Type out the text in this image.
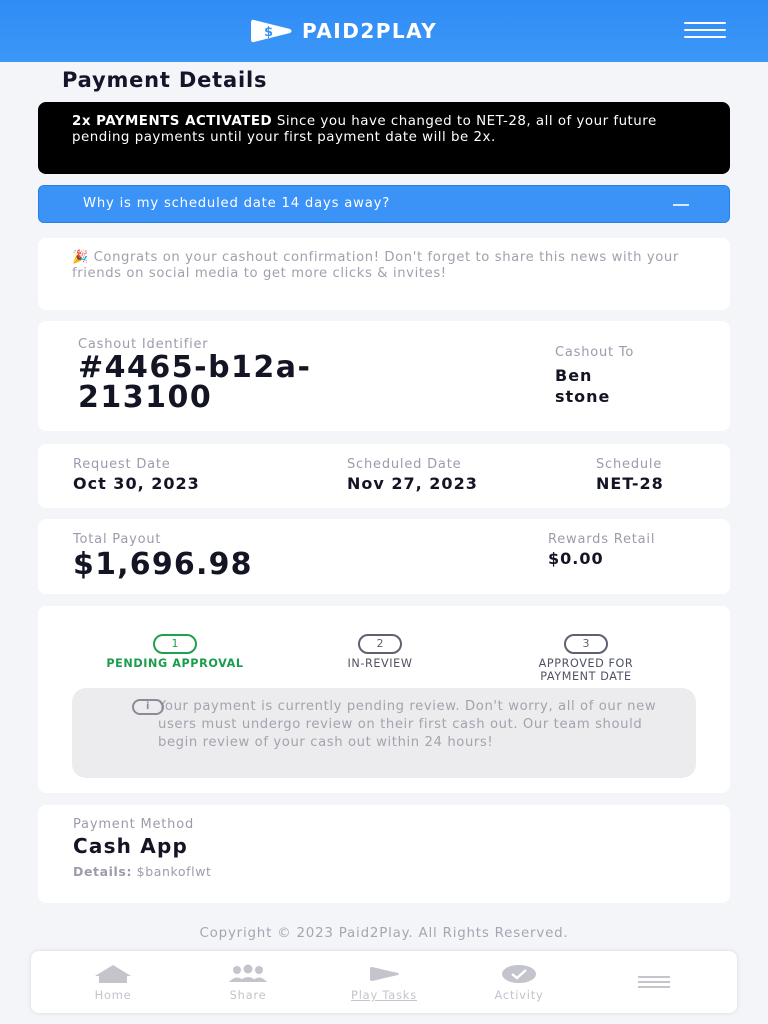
$ PAID2PLAY
Payment Details
2x PAYMENTS ACTIVATED Since you have changed to NET-28, all of your future pending payments until your first payment date will be 2x.
Why is my scheduled date 14 days away?
🎉 Congrats on your cashout confirmation! Don't forget to share this news with your friends on social media to get more clicks & invites!
Cashout Identifier
#4465-b12a-
213100
Cashout To
Ben
stone
Request Date
Oct 30, 2023
Scheduled Date
Nov 27, 2023
Schedule
NET-28
Total Payout
$1,696.98
Rewards Retail
$0.00
1
PENDING APPROVAL
2
IN-REVIEW
3
APPROVED FOR
PAYMENT DATE
i Your payment is currently pending review. Don't worry, all of our new users must undergo review on their first cash out. Our team should begin review of your cash out within 24 hours!
Payment Method
Cash App
Details: $bankoflwt
Copyright © 2023 Paid2Play. All Rights Reserved.
Home	Share	Play Tasks	Activity
